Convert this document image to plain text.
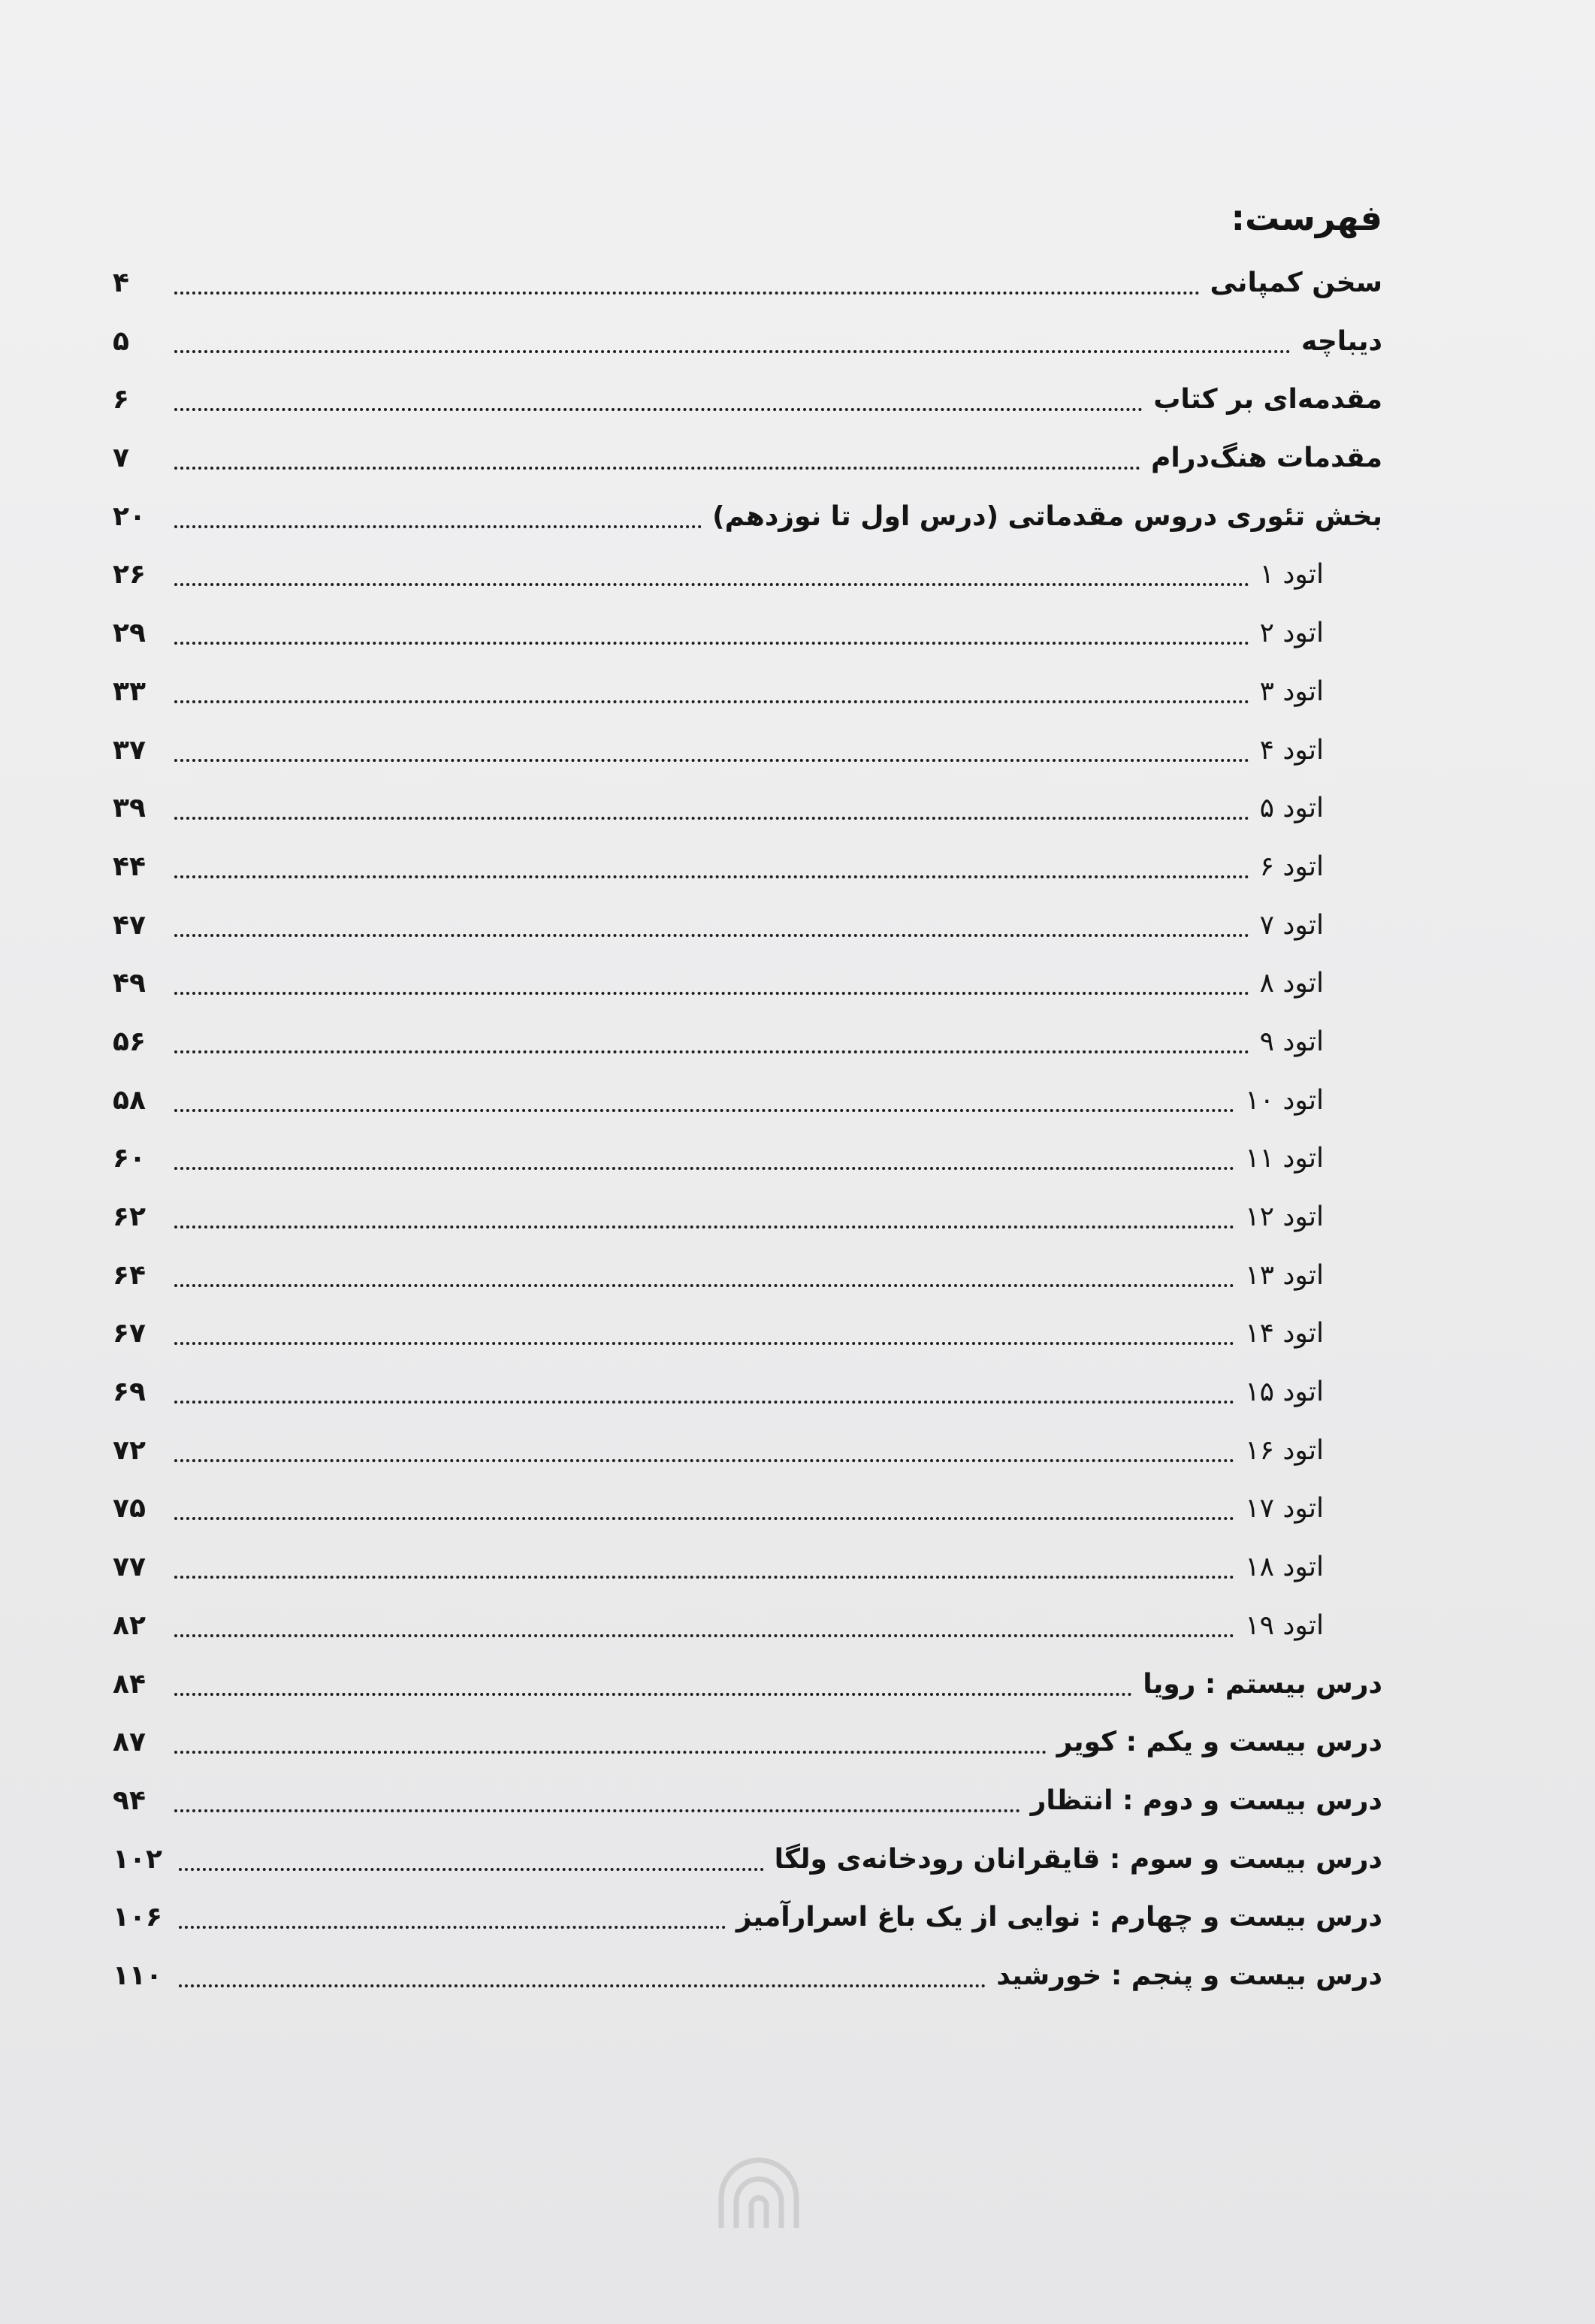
فهرست:
سخن کمپانی
۴
دیباچه
۵
مقدمه‌ای بر کتاب
۶
مقدمات هنگ‌درام
۷
بخش تئوری دروس مقدماتی (درس اول تا نوزدهم)
۲۰
اتود ۱
۲۶
اتود ۲
۲۹
اتود ۳
۳۳
اتود ۴
۳۷
اتود ۵
۳۹
اتود ۶
۴۴
اتود ۷
۴۷
اتود ۸
۴۹
اتود ۹
۵۶
اتود ۱۰
۵۸
اتود ۱۱
۶۰
اتود ۱۲
۶۲
اتود ۱۳
۶۴
اتود ۱۴
۶۷
اتود ۱۵
۶۹
اتود ۱۶
۷۲
اتود ۱۷
۷۵
اتود ۱۸
۷۷
اتود ۱۹
۸۲
درس بیستم : رویا
۸۴
درس بیست و یکم : کویر
۸۷
درس بیست و دوم : انتظار
۹۴
درس بیست و سوم : قایقرانان رودخانه‌ی ولگا
۱۰۲
درس بیست و چهارم : نوایی از یک باغ اسرارآمیز
۱۰۶
درس بیست و پنجم : خورشید
۱۱۰
